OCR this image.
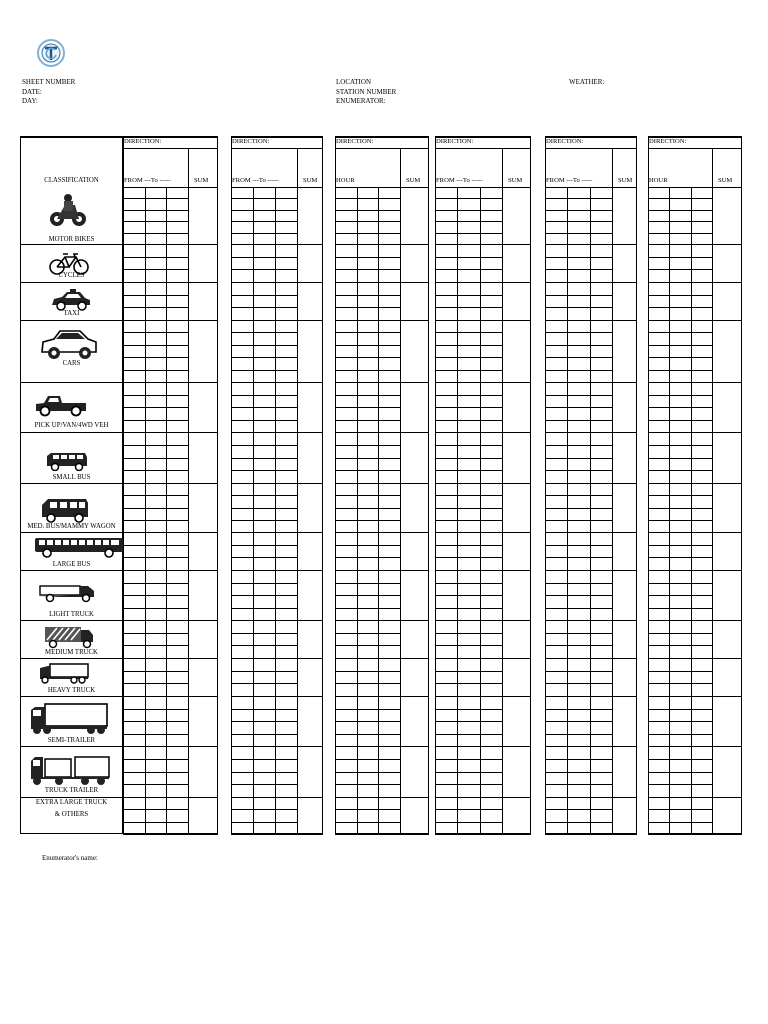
SHEET NUMBER
DATE:
DAY:
LOCATION
STATION NUMBER
ENUMERATOR:
WEATHER:
CLASSIFICATION
MOTOR BIKES
CYCLES
TAXI
CARS
PICK UP/VAN/4WD VEH
SMALL BUS
MED. BUS/MAMMY WAGON
LARGE BUS
LIGHT TRUCK
MEDIUM TRUCK
HEAVY TRUCK
SEMI-TRAILER
TRUCK TRAILER
EXTRA LARGE TRUCK
& OTHERS
DIRECTION:
FROM ---To -----	SUM
DIRECTION:
FROM ---To -----	SUM
DIRECTION:
HOUR	SUM
DIRECTION:
FROM ---To -----	SUM
DIRECTION:
FROM ---To -----	SUM
DIRECTION:
HOUR	SUM
Enumerator's name:
